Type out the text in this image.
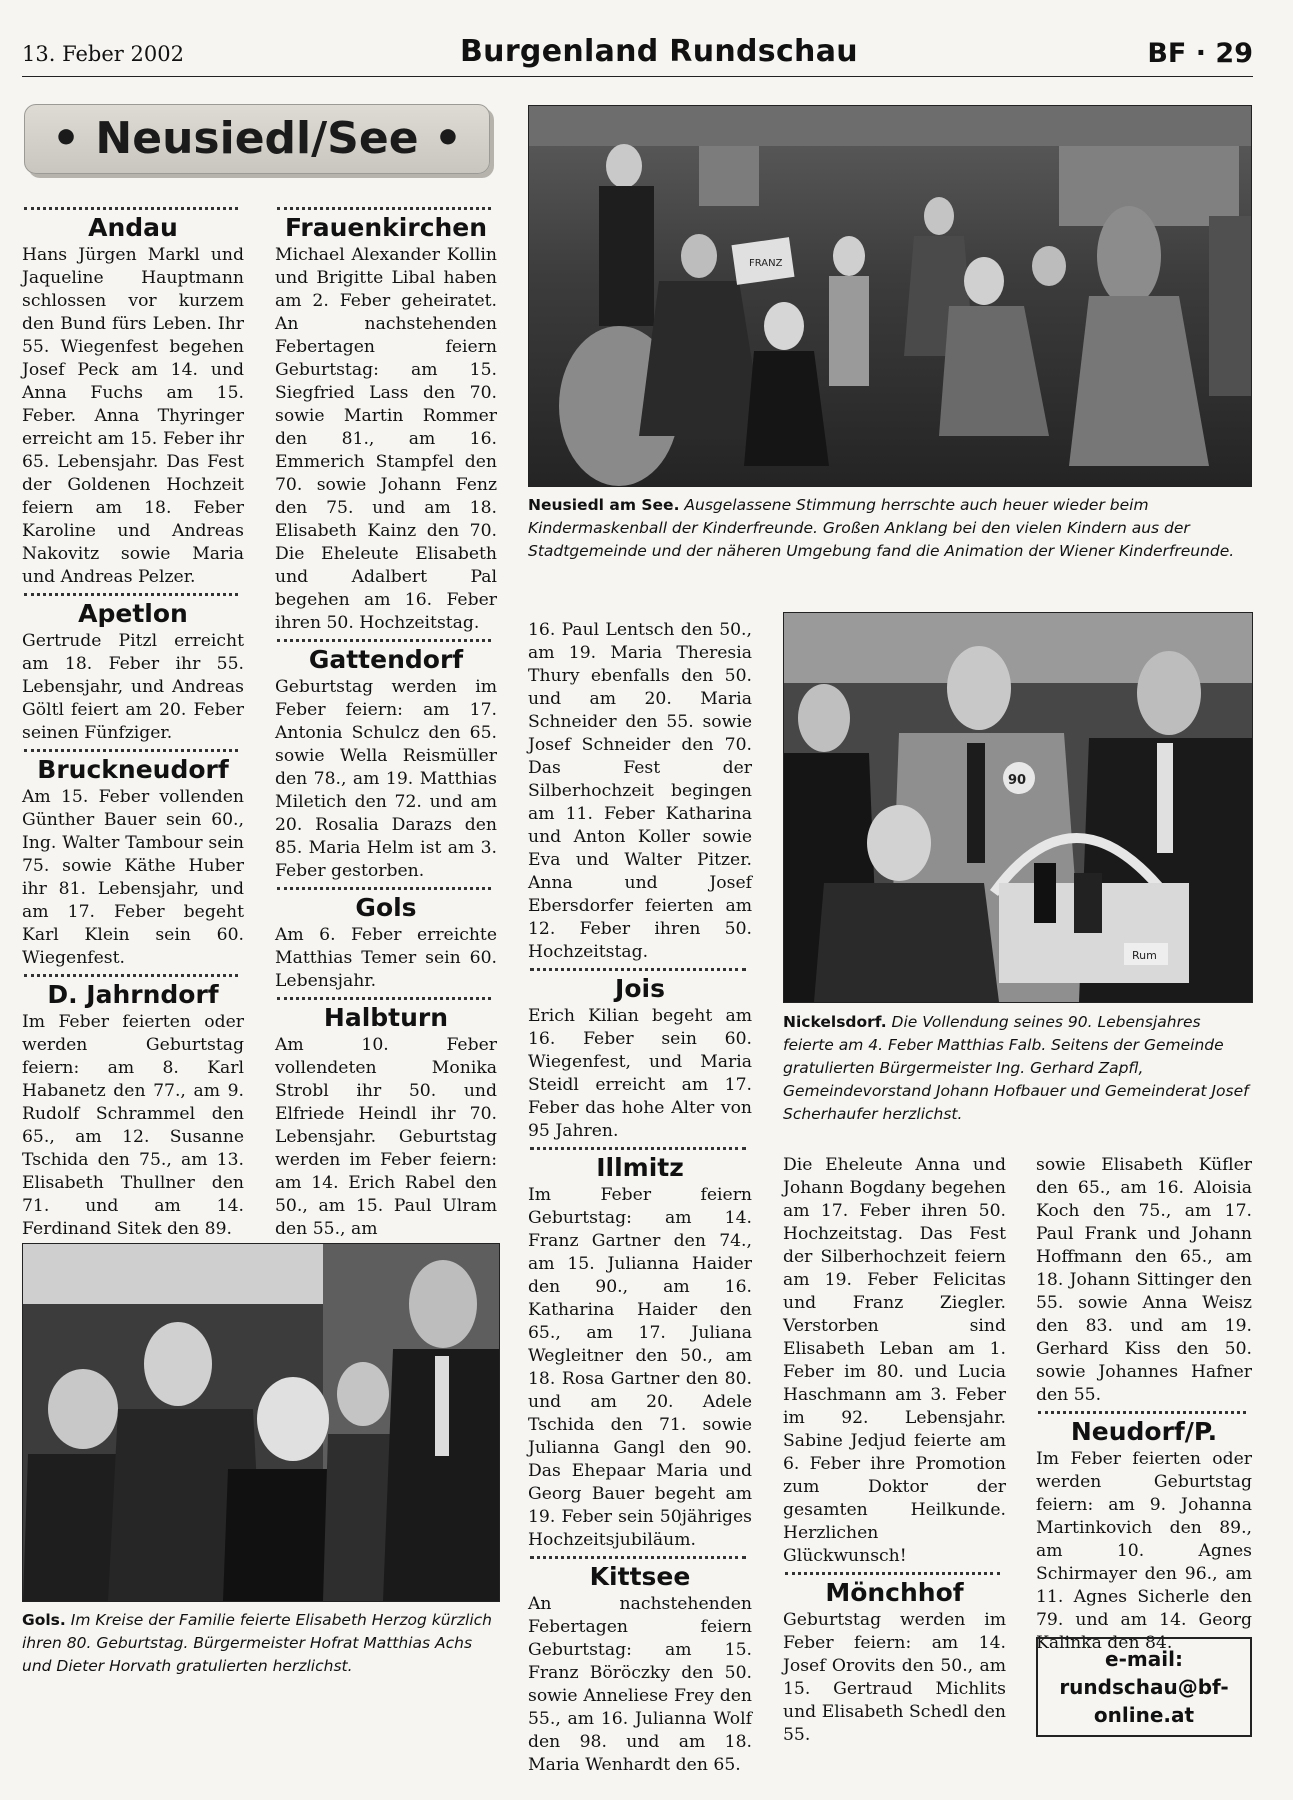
13. Feber 2002	Burgenland Rundschau	BF · 29
• Neusiedl/See •
Andau

Hans Jürgen Markl und Jaqueline Hauptmann schlossen vor kurzem den Bund fürs Leben. Ihr 55. Wiegenfest begehen Josef Peck am 14. und Anna Fuchs am 15. Feber. Anna Thyringer erreicht am 15. Feber ihr 65. Lebensjahr. Das Fest der Goldenen Hochzeit feiern am 18. Feber Karoline und Andreas Nakovitz sowie Maria und Andreas Pelzer.

Apetlon

Gertrude Pitzl erreicht am 18. Feber ihr 55. Lebensjahr, und Andreas Göltl feiert am 20. Feber seinen Fünfziger.

Bruckneudorf

Am 15. Feber vollenden Günther Bauer sein 60., Ing. Walter Tambour sein 75. sowie Käthe Huber ihr 81. Lebensjahr, und am 17. Feber begeht Karl Klein sein 60. Wiegenfest.

D. Jahrndorf

Im Feber feierten oder werden Geburtstag feiern: am 8. Karl Habanetz den 77., am 9. Rudolf Schrammel den 65., am 12. Susanne Tschida den 75., am 13. Elisabeth Thullner den 71. und am 14. Ferdinand Sitek den 89.

Frauenkirchen

Michael Alexander Kollin und Brigitte Libal haben am 2. Feber geheiratet. An nachstehenden Febertagen feiern Geburtstag: am 15. Siegfried Lass den 70. sowie Martin Rommer den 81., am 16. Emmerich Stampfel den 70. sowie Johann Fenz den 75. und am 18. Elisabeth Kainz den 70. Die Eheleute Elisabeth und Adalbert Pal begehen am 16. Feber ihren 50. Hochzeitstag.

Gattendorf

Geburtstag werden im Feber feiern: am 17. Antonia Schulcz den 65. sowie Wella Reismüller den 78., am 19. Matthias Miletich den 72. und am 20. Rosalia Darazs den 85. Maria Helm ist am 3. Feber gestorben.

Gols

Am 6. Feber erreichte Matthias Temer sein 60. Lebensjahr.

Halbturn

Am 10. Feber vollendeten Monika Strobl ihr 50. und Elfriede Heindl ihr 70. Lebensjahr. Geburtstag werden im Feber feiern: am 14. Erich Rabel den 50., am 15. Paul Ulram den 55., am

FRANZ
Neusiedl am See. Ausgelassene Stimmung herrschte auch heuer wieder beim Kindermaskenball der Kinderfreunde. Großen Anklang bei den vielen Kindern aus der Stadtgemeinde und der näheren Umgebung fand die Animation der Wiener Kinderfreunde.

16. Paul Lentsch den 50., am 19. Maria Theresia Thury ebenfalls den 50. und am 20. Maria Schneider den 55. sowie Josef Schneider den 70. Das Fest der Silberhochzeit begingen am 11. Feber Katharina und Anton Koller sowie Eva und Walter Pitzer. Anna und Josef Ebersdorfer feierten am 12. Feber ihren 50. Hochzeitstag.

Jois

Erich Kilian begeht am 16. Feber sein 60. Wiegenfest, und Maria Steidl erreicht am 17. Feber das hohe Alter von 95 Jahren.

Illmitz

Im Feber feiern Geburtstag: am 14. Franz Gartner den 74., am 15. Julianna Haider den 90., am 16. Katharina Haider den 65., am 17. Juliana Wegleitner den 50., am 18. Rosa Gartner den 80. und am 20. Adele Tschida den 71. sowie Julianna Gangl den 90. Das Ehepaar Maria und Georg Bauer begeht am 19. Feber sein 50jähriges Hochzeitsjubiläum.

Kittsee

An nachstehenden Febertagen feiern Geburtstag: am 15. Franz Böröczky den 50. sowie Anneliese Frey den 55., am 16. Julianna Wolf den 98. und am 18. Maria Wenhardt den 65.

90
Rum
Nickelsdorf. Die Vollendung seines 90. Lebensjahres feierte am 4. Feber Matthias Falb. Seitens der Gemeinde gratulierten Bürgermeister Ing. Gerhard Zapfl, Gemeindevorstand Johann Hofbauer und Gemeinderat Josef Scherhaufer herzlichst.

Die Eheleute Anna und Johann Bogdany begehen am 17. Feber ihren 50. Hochzeitstag. Das Fest der Silberhochzeit feiern am 19. Feber Felicitas und Franz Ziegler. Verstorben sind Elisabeth Leban am 1. Feber im 80. und Lucia Haschmann am 3. Feber im 92. Lebensjahr. Sabine Jedjud feierte am 6. Feber ihre Promotion zum Doktor der gesamten Heilkunde. Herzlichen Glückwunsch!

Mönchhof

Geburtstag werden im Feber feiern: am 14. Josef Orovits den 50., am 15. Gertraud Michlits und Elisabeth Schedl den 55.

sowie Elisabeth Küfler den 65., am 16. Aloisia Koch den 75., am 17. Paul Frank und Johann Hoffmann den 65., am 18. Johann Sittinger den 55. sowie Anna Weisz den 83. und am 19. Gerhard Kiss den 50. sowie Johannes Hafner den 55.

Neudorf/P.

Im Feber feierten oder werden Geburtstag feiern: am 9. Johanna Martinkovich den 89., am 10. Agnes Schirmayer den 96., am 11. Agnes Sicherle den 79. und am 14. Georg Kalinka den 84.

Gols. Im Kreise der Familie feierte Elisabeth Herzog kürzlich ihren 80. Geburtstag. Bürgermeister Hofrat Matthias Achs und Dieter Horvath gratulierten herzlichst.	e-mail:
rundschau@bf-
online.at
